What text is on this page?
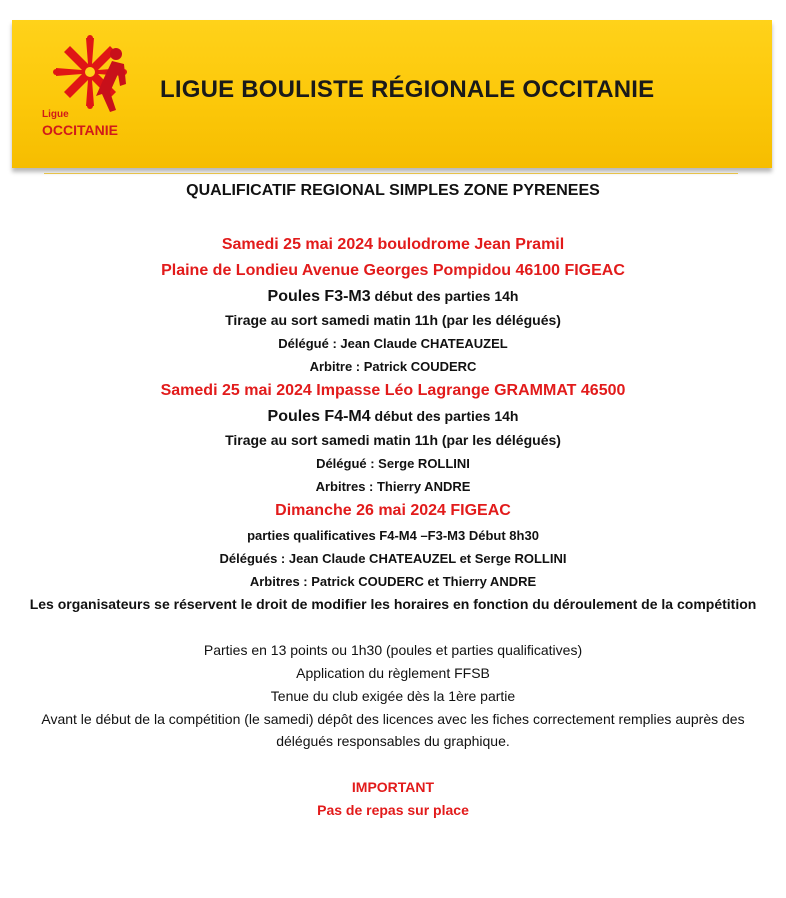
Ligue
OCCITANIE
LIGUE BOULISTE RÉGIONALE OCCITANIE
QUALIFICATIF REGIONAL SIMPLES ZONE PYRENEES
Samedi 25 mai 2024 boulodrome Jean Pramil
Plaine de Londieu Avenue Georges Pompidou 46100 FIGEAC
Poules F3-M3 début des parties 14h
Tirage au sort samedi matin 11h (par les délégués)
Délégué : Jean Claude CHATEAUZEL
Arbitre : Patrick COUDERC
Samedi 25 mai 2024 Impasse Léo Lagrange GRAMMAT 46500
Poules F4-M4 début des parties 14h
Tirage au sort samedi matin 11h (par les délégués)
Délégué : Serge ROLLINI
Arbitres : Thierry ANDRE
Dimanche 26 mai 2024 FIGEAC
parties qualificatives F4-M4 –F3-M3 Début 8h30
Délégués : Jean Claude CHATEAUZEL et Serge ROLLINI
Arbitres : Patrick COUDERC et Thierry ANDRE
Les organisateurs se réservent le droit de modifier les horaires en fonction du déroulement de la compétition
Parties en 13 points ou 1h30 (poules et parties qualificatives)
Application du règlement FFSB
Tenue du club exigée dès la 1ère partie
Avant le début de la compétition (le samedi) dépôt des licences avec les fiches correctement remplies auprès des délégués responsables du graphique.
IMPORTANT
Pas de repas sur place
